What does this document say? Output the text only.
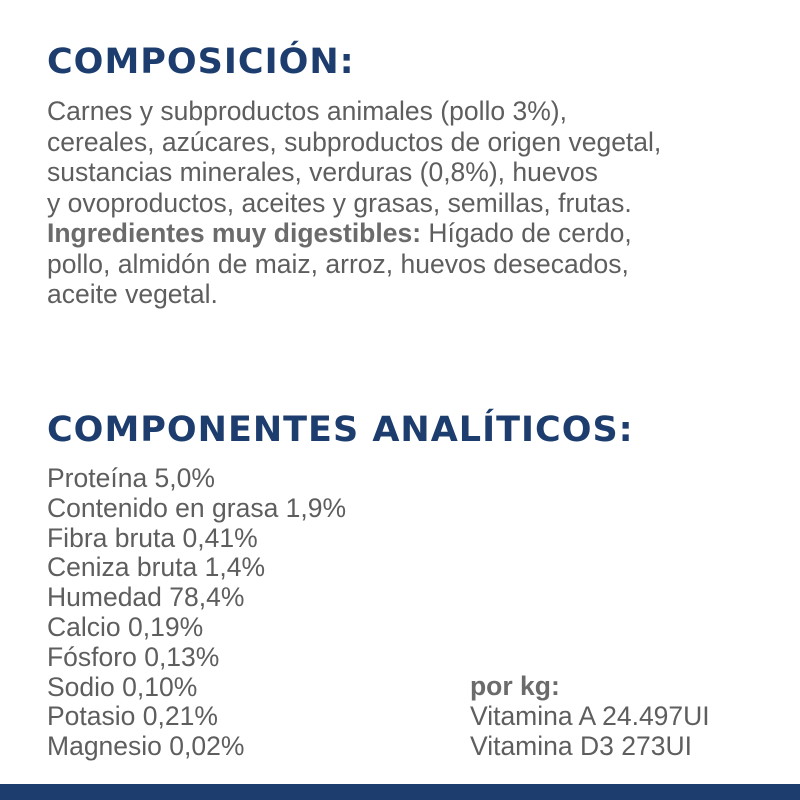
COMPOSICIÓN:

Carnes y subproductos animales (pollo 3%),
cereales, azúcares, subproductos de origen vegetal,
sustancias minerales, verduras (0,8%), huevos
y ovoproductos, aceites y grasas, semillas, frutas.
Ingredientes muy digestibles: Hígado de cerdo,
pollo, almidón de maiz, arroz, huevos desecados,
aceite vegetal.

COMPONENTES ANALÍTICOS:
Proteína 5,0%
Contenido en grasa 1,9%
Fibra bruta 0,41%
Ceniza bruta 1,4%
Humedad 78,4%
Calcio 0,19%
Fósforo 0,13%
Sodio 0,10%
Potasio 0,21%
Magnesio 0,02%
por kg:
Vitamina A 24.497UI
Vitamina D3 273UI
